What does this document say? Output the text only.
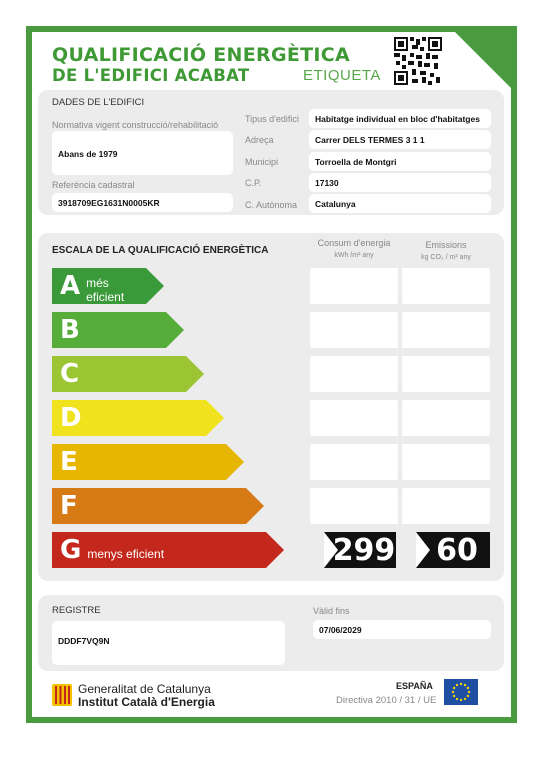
QUALIFICACIÓ ENERGÈTICA
DE L'EDIFICI ACABAT	ETIQUETA
DADES DE L'EDIFICI
Normativa vigent construcció/rehabilitació
Abans de 1979
Referència cadastral
3918709EG1631N0005KR
Tipus d'edifici	Habitatge individual en bloc d'habitatges
Adreça	Carrer DELS TERMES 3 1 1
Municipi	Torroella de Montgri
C.P.	17130
C. Autònoma	Catalunya
ESCALA DE LA QUALIFICACIÓ ENERGÈTICA
Consum d'energia
kWh /m² any
Emissions
kg CO₂ / m² any
A més eficient
B
C
D
E
F
G menys eficient	299 60
REGISTRE
DDDF7VQ9N
Vàlid fins
07/06/2029
Generalitat de Catalunya
Institut Català d'Energia
ESPAÑA
Directiva 2010 / 31 / UE
